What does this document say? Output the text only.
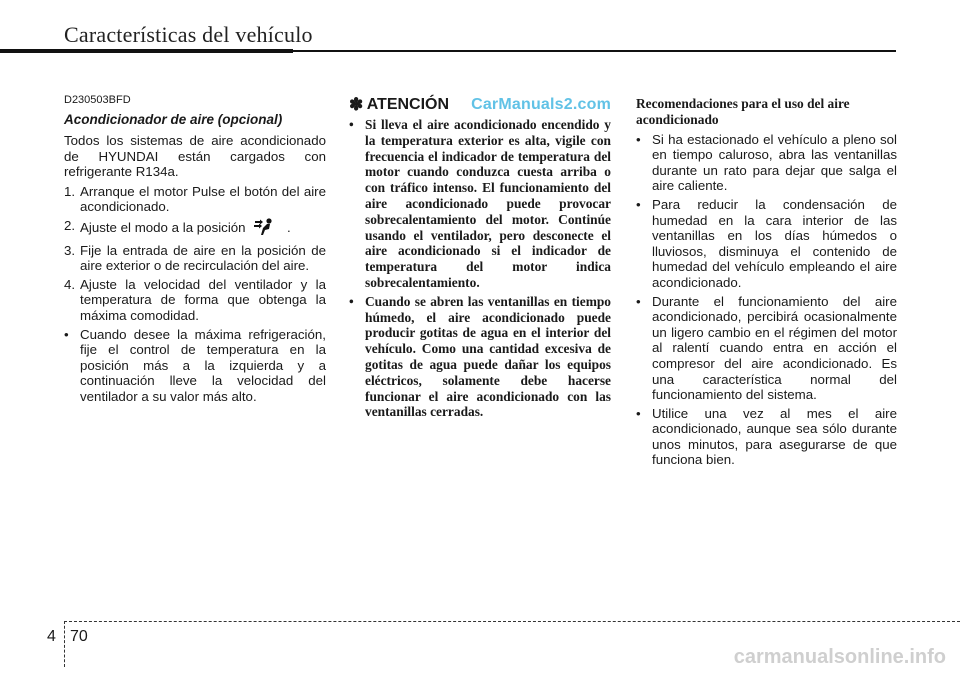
Características del vehículo
D230503BFD
Acondicionador de aire (opcional)

Todos los sistemas de aire acondicionado de HYUNDAI están cargados con refrigerante R134a.

1. Arranque el motor Pulse el botón del aire acondicionado.
2. Ajuste el modo a la posición	.
3. Fije la entrada de aire en la posición de aire exterior o de recirculación del aire.
4. Ajuste la velocidad del ventilador y la temperatura de forma que obtenga la máxima comodidad.
• Cuando desee la máxima refrigeración, fije el control de temperatura en la posición más a la izquierda y a continuación lleve la velocidad del ventilador a su valor más alto.
✽ ATENCIÓN CarManuals2.com
• Si lleva el aire acondicionado encendido y la temperatura exterior es alta, vigile con frecuencia el indicador de temperatura del motor cuando conduzca cuesta arriba o con tráfico intenso. El funcionamiento del aire acondicionado puede provocar sobrecalentamiento del motor. Continúe usando el ventilador, pero desconecte el aire acondicionado si el indicador de temperatura del motor indica sobrecalentamiento.
• Cuando se abren las ventanillas en tiempo húmedo, el aire acondicionado puede producir gotitas de agua en el interior del vehículo. Como una cantidad excesiva de gotitas de agua puede dañar los equipos eléctricos, solamente debe hacerse funcionar el aire acondicionado con las ventanillas cerradas.
Recomendaciones para el uso del aire acondicionado
• Si ha estacionado el vehículo a pleno sol en tiempo caluroso, abra las ventanillas durante un rato para dejar que salga el aire caliente.
• Para reducir la condensación de humedad en la cara interior de las ventanillas en los días húmedos o lluviosos, disminuya el contenido de humedad del vehículo empleando el aire acondicionado.
• Durante el funcionamiento del aire acondicionado, percibirá ocasionalmente un ligero cambio en el régimen del motor al ralentí cuando entra en acción el compresor del aire acondicionado. Es una característica normal del funcionamiento del sistema.
• Utilice una vez al mes el aire acondicionado, aunque sea sólo durante unos minutos, para asegurarse de que funciona bien.
4 70
carmanualsonline.info
